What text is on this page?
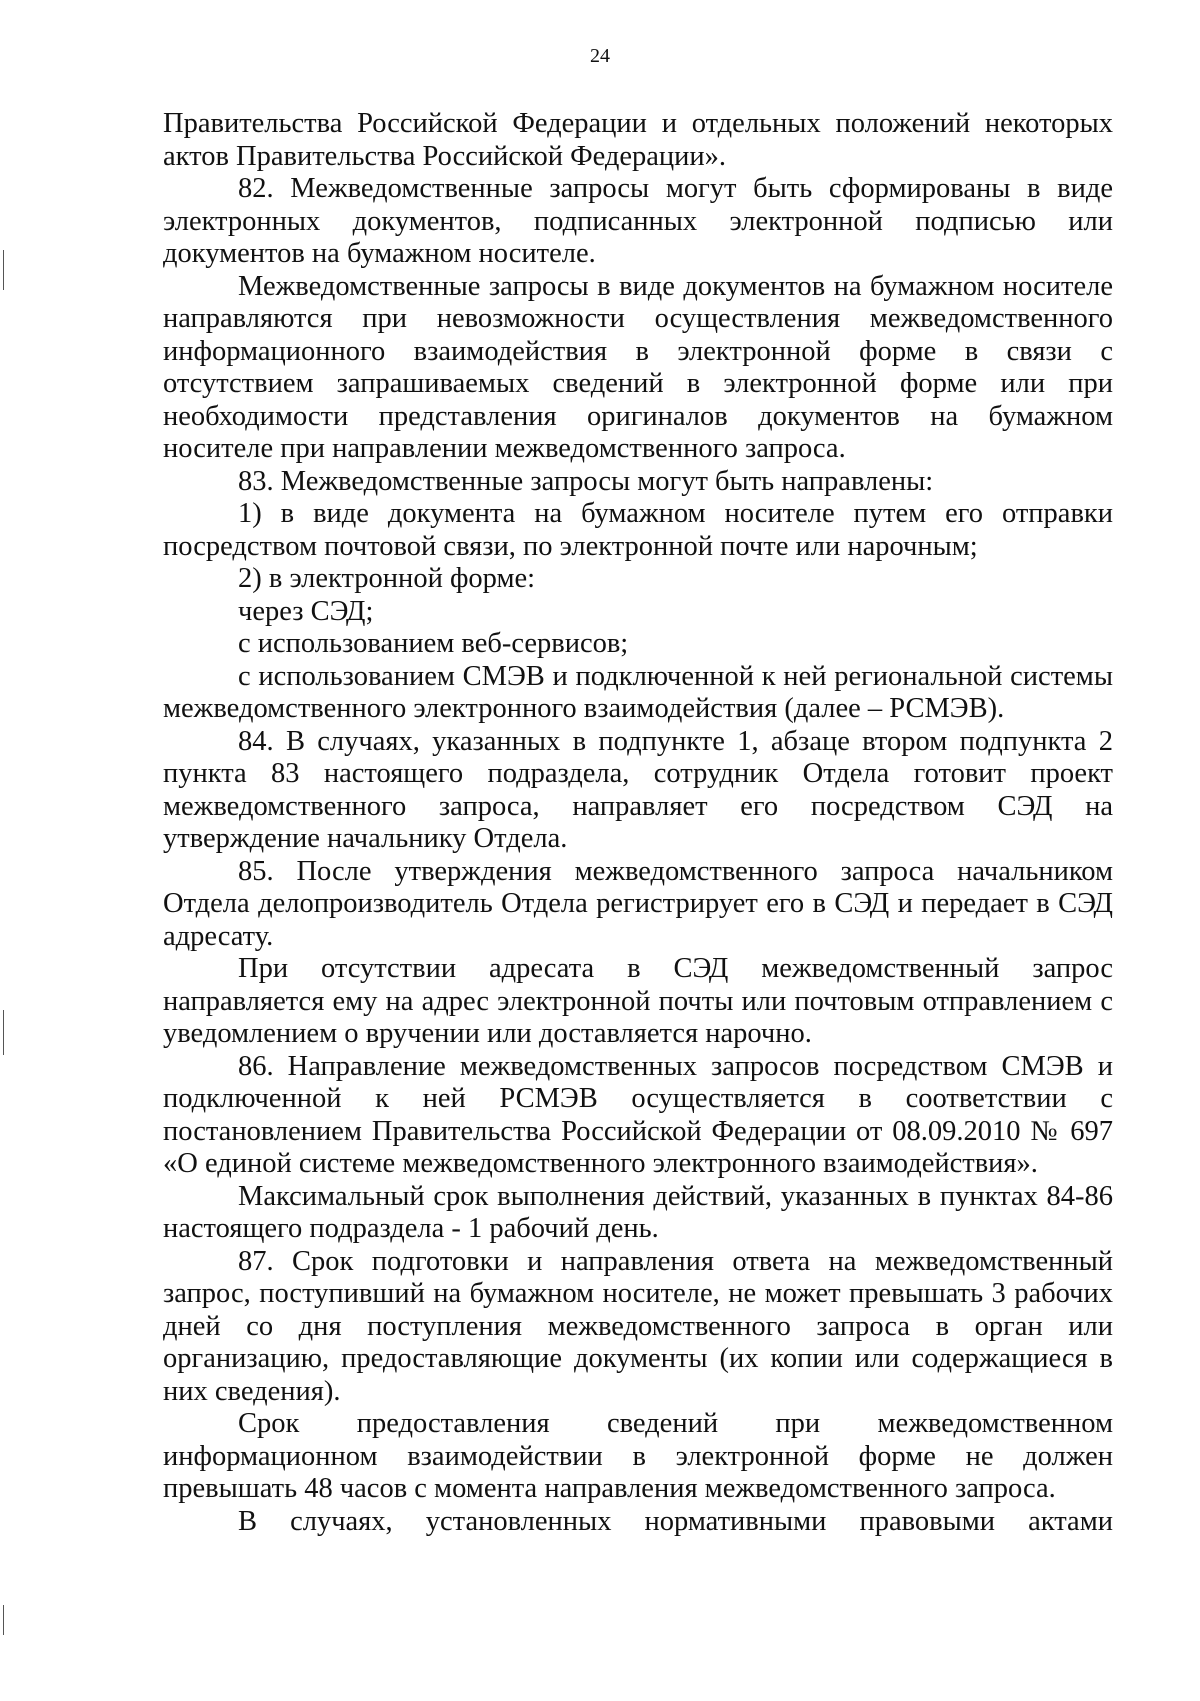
24

Правительства Российской Федерации и отдельных положений некоторых актов Правительства Российской Федерации».

82. Межведомственные запросы могут быть сформированы в виде электронных документов, подписанных электронной подписью или документов на бумажном носителе.

Межведомственные запросы в виде документов на бумажном носителе направляются при невозможности осуществления межведомственного информационного взаимодействия в электронной форме в связи с отсутствием запрашиваемых сведений в электронной форме или при необходимости представления оригиналов документов на бумажном носителе при направлении межведомственного запроса.

83. Межведомственные запросы могут быть направлены:

1) в виде документа на бумажном носителе путем его отправки посредством почтовой связи, по электронной почте или нарочным;

2) в электронной форме:

через СЭД;

с использованием веб-сервисов;

с использованием СМЭВ и подключенной к ней региональной системы межведомственного электронного взаимодействия (далее – РСМЭВ).

84. В случаях, указанных в подпункте 1, абзаце втором подпункта 2 пункта 83 настоящего подраздела, сотрудник Отдела готовит проект межведомственного запроса, направляет его посредством СЭД на утверждение начальнику Отдела.

85. После утверждения межведомственного запроса начальником Отдела делопроизводитель Отдела регистрирует его в СЭД и передает в СЭД адресату.

При отсутствии адресата в СЭД межведомственный запрос направляется ему на адрес электронной почты или почтовым отправлением с уведомлением о вручении или доставляется нарочно.

86. Направление межведомственных запросов посредством СМЭВ и подключенной к ней РСМЭВ осуществляется в соответствии с постановлением Правительства Российской Федерации от 08.09.2010 № 697 «О единой системе межведомственного электронного взаимодействия».

Максимальный срок выполнения действий, указанных в пунктах 84-86 настоящего подраздела - 1 рабочий день.

87. Срок подготовки и направления ответа на межведомственный запрос, поступивший на бумажном носителе, не может превышать 3 рабочих дней со дня поступления межведомственного запроса в орган или организацию, предоставляющие документы (их копии или содержащиеся в них сведения).

Срок предоставления сведений при межведомственном информационном взаимодействии в электронной форме не должен превышать 48 часов с момента направления межведомственного запроса.

В случаях, установленных нормативными правовыми актами
